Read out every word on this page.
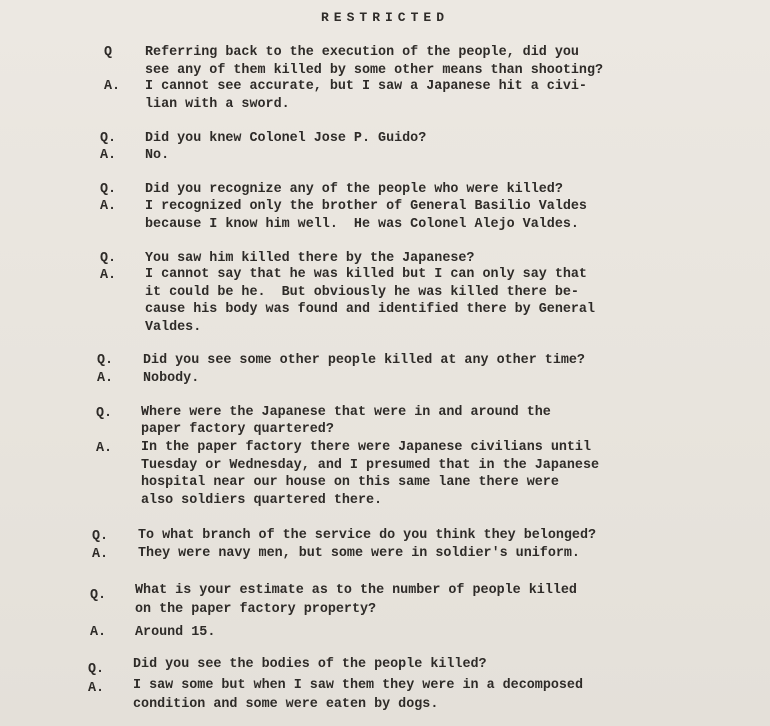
RESTRICTED
Q Referring back to the execution of the people, did you
see any of them killed by some other means than shooting?
A. I cannot see accurate, but I saw a Japanese hit a civi-
lian with a sword.
Q. Did you knew Colonel Jose P. Guido?
A. No.
Q. Did you recognize any of the people who were killed?
A. I recognized only the brother of General Basilio Valdes
because I know him well.  He was Colonel Alejo Valdes.
Q. You saw him killed there by the Japanese?
A. I cannot say that he was killed but I can only say that
it could be he.  But obviously he was killed there be-
cause his body was found and identified there by General
Valdes.
Q. Did you see some other people killed at any other time?
A. Nobody.
Q. Where were the Japanese that were in and around the
paper factory quartered?
A. In the paper factory there were Japanese civilians until
Tuesday or Wednesday, and I presumed that in the Japanese
hospital near our house on this same lane there were
also soldiers quartered there.
Q. To what branch of the service do you think they belonged?
A. They were navy men, but some were in soldier's uniform.
Q. What is your estimate as to the number of people killed
on the paper factory property?
A. Around 15.
Q. Did you see the bodies of the people killed?
A. I saw some but when I saw them they were in a decomposed
condition and some were eaten by dogs.
